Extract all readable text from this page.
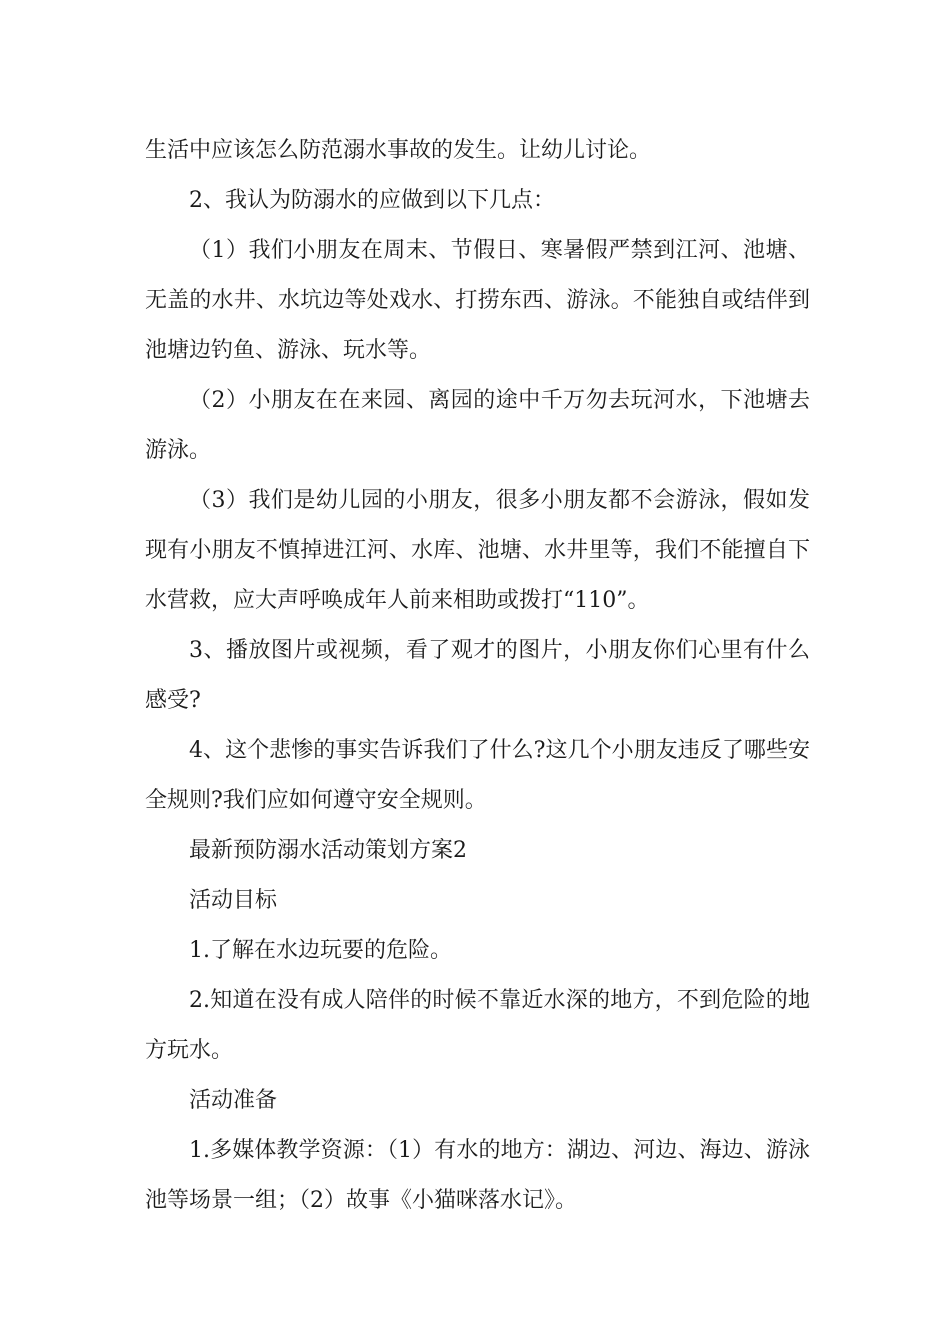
生活中应该怎么防范溺水事故的发生。让幼儿讨论。

2、我认为防溺水的应做到以下几点：

（1）我们小朋友在周末、节假日、寒暑假严禁到江河、池塘、无盖的水井、水坑边等处戏水、打捞东西、游泳。不能独自或结伴到池塘边钓鱼、游泳、玩水等。

（2）小朋友在在来园、离园的途中千万勿去玩河水，下池塘去游泳。

（3）我们是幼儿园的小朋友，很多小朋友都不会游泳，假如发现有小朋友不慎掉进江河、水库、池塘、水井里等，我们不能擅自下水营救，应大声呼唤成年人前来相助或拨打“110”。

3、播放图片或视频，看了观才的图片，小朋友你们心里有什么感受?

4、这个悲惨的事实告诉我们了什么?这几个小朋友违反了哪些安全规则?我们应如何遵守安全规则。

最新预防溺水活动策划方案2

活动目标

1.了解在水边玩要的危险。

2.知道在没有成人陪伴的时候不靠近水深的地方，不到危险的地方玩水。

活动准备

1.多媒体教学资源：（1）有水的地方：湖边、河边、海边、游泳池等场景一组；（2）故事《小猫咪落水记》。
